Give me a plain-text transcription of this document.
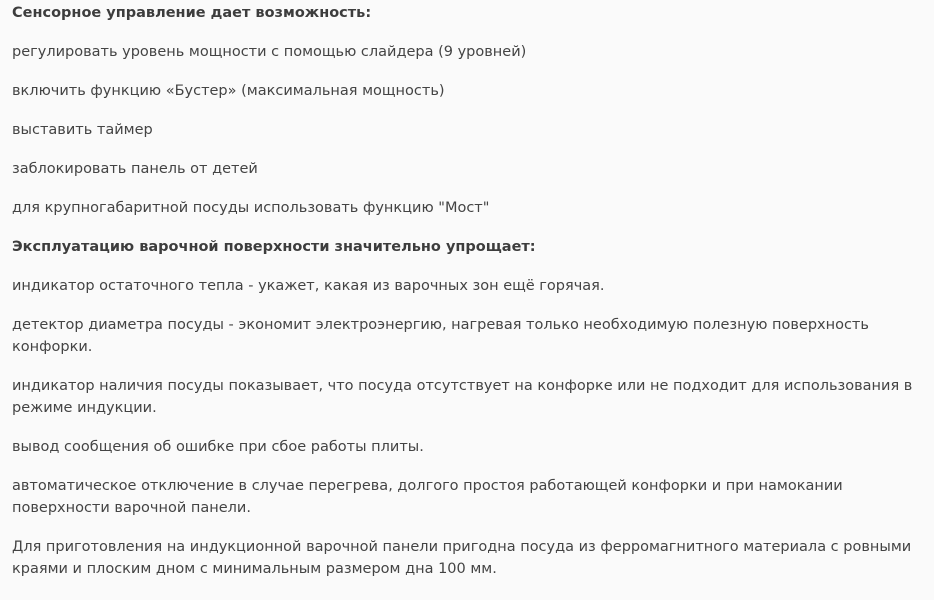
Сенсорное управление дает возможность:

регулировать уровень мощности с помощью слайдера (9 уровней)

включить функцию «Бустер» (максимальная мощность)

выставить таймер

заблокировать панель от детей

для крупногабаритной посуды использовать функцию "Мост"

Эксплуатацию варочной поверхности значительно упрощает:

индикатор остаточного тепла - укажет, какая из варочных зон ещё горячая.

детектор диаметра посуды - экономит электроэнергию, нагревая только необходимую полезную поверхность конфорки.

индикатор наличия посуды показывает, что посуда отсутствует на конфорке или не подходит для использования в режиме индукции.

вывод сообщения об ошибке при сбое работы плиты.

автоматическое отключение в случае перегрева, долгого простоя работающей конфорки и при намокании поверхности варочной панели.

Для приготовления на индукционной варочной панели пригодна посуда из ферромагнитного материала с ровными краями и плоским дном с минимальным размером дна 100 мм.
